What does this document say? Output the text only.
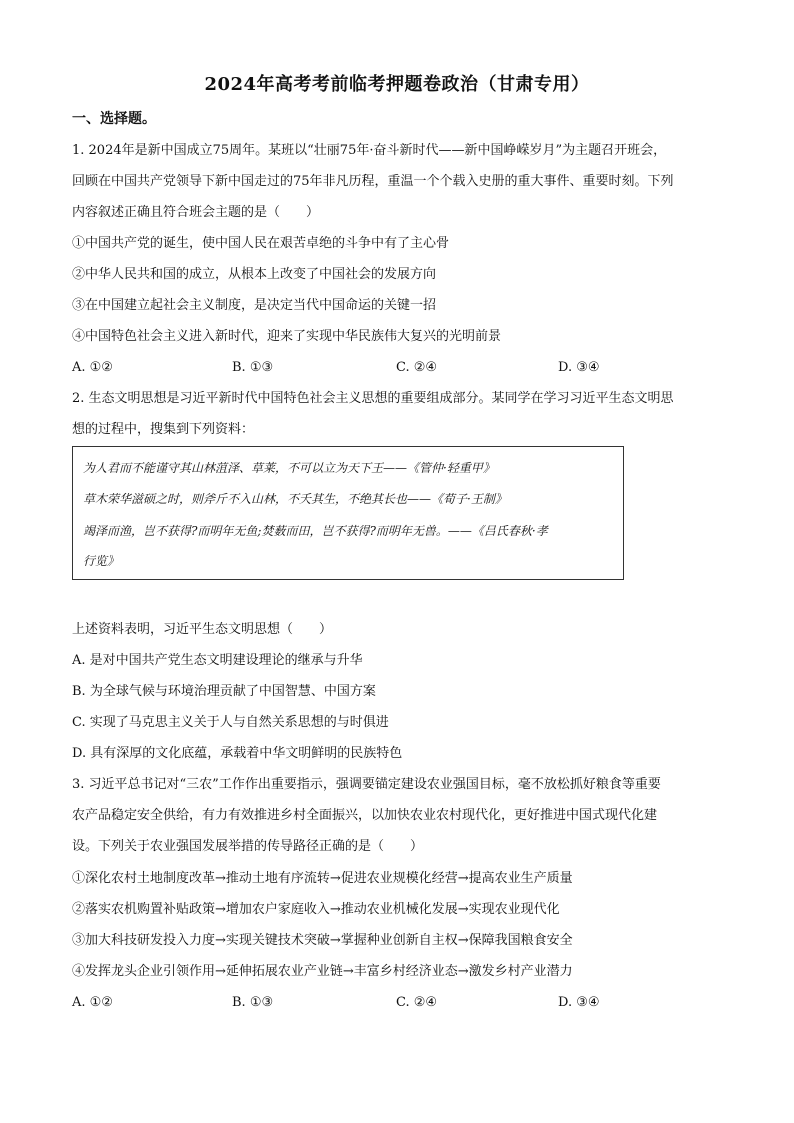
2024年高考考前临考押题卷政治（甘肃专用）
一、选择题。
1. 2024年是新中国成立75周年。某班以“壮丽75年·奋斗新时代——新中国峥嵘岁月”为主题召开班会，
回顾在中国共产党领导下新中国走过的75年非凡历程，重温一个个载入史册的重大事件、重要时刻。下列
内容叙述正确且符合班会主题的是（　　）
①中国共产党的诞生，使中国人民在艰苦卓绝的斗争中有了主心骨
②中华人民共和国的成立，从根本上改变了中国社会的发展方向
③在中国建立起社会主义制度，是决定当代中国命运的关键一招
④中国特色社会主义进入新时代，迎来了实现中华民族伟大复兴的光明前景
A. ①②	B. ①③	C. ②④	D. ③④
2. 生态文明思想是习近平新时代中国特色社会主义思想的重要组成部分。某同学在学习习近平生态文明思
想的过程中，搜集到下列资料：
为人君而不能谨守其山林菹泽、草莱，不可以立为天下王——《管仲·轻重甲》
草木荣华滋硕之时，则斧斤不入山林，不夭其生，不绝其长也——《荀子·王制》
竭泽而渔，岂不获得?而明年无鱼;焚薮而田，岂不获得?而明年无兽。——《吕氏春秋·孝
行览》
上述资料表明，习近平生态文明思想（　　）
A. 是对中国共产党生态文明建设理论的继承与升华
B. 为全球气候与环境治理贡献了中国智慧、中国方案
C. 实现了马克思主义关于人与自然关系思想的与时俱进
D. 具有深厚的文化底蕴，承载着中华文明鲜明的民族特色
3. 习近平总书记对“三农”工作作出重要指示，强调要锚定建设农业强国目标，毫不放松抓好粮食等重要
农产品稳定安全供给，有力有效推进乡村全面振兴，以加快农业农村现代化，更好推进中国式现代化建
设。下列关于农业强国发展举措的传导路径正确的是（　　）
①深化农村土地制度改革→推动土地有序流转→促进农业规模化经营→提高农业生产质量
②落实农机购置补贴政策→增加农户家庭收入→推动农业机械化发展→实现农业现代化
③加大科技研发投入力度→实现关键技术突破→掌握种业创新自主权→保障我国粮食安全
④发挥龙头企业引领作用→延伸拓展农业产业链→丰富乡村经济业态→激发乡村产业潜力
A. ①②	B. ①③	C. ②④	D. ③④
